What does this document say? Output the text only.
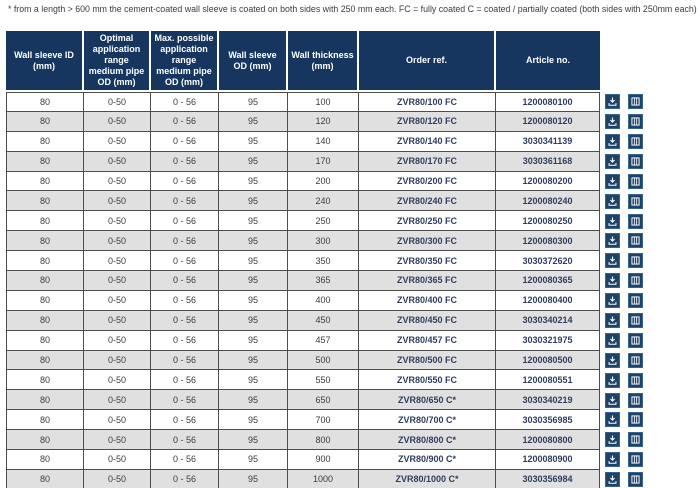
* from a length > 600 mm the cement-coated wall sleeve is coated on both sides with 250 mm each. FC = fully coated C = coated / partially coated (both sides with 250mm each)
Wall sleeve ID (mm)	Optimal application range medium pipe OD (mm)	Max. possible application range medium pipe OD (mm)	Wall sleeve OD (mm)	Wall thickness (mm)	Order ref.	Article no.	
80	0-50	0 - 56	95	100	ZVR80/100 FC	1200080100	

80	0-50	0 - 56	95	120	ZVR80/120 FC	1200080120	

80	0-50	0 - 56	95	140	ZVR80/140 FC	3030341139	

80	0-50	0 - 56	95	170	ZVR80/170 FC	3030361168	

80	0-50	0 - 56	95	200	ZVR80/200 FC	1200080200	

80	0-50	0 - 56	95	240	ZVR80/240 FC	1200080240	

80	0-50	0 - 56	95	250	ZVR80/250 FC	1200080250	

80	0-50	0 - 56	95	300	ZVR80/300 FC	1200080300	

80	0-50	0 - 56	95	350	ZVR80/350 FC	3030372620	

80	0-50	0 - 56	95	365	ZVR80/365 FC	1200080365	

80	0-50	0 - 56	95	400	ZVR80/400 FC	1200080400	

80	0-50	0 - 56	95	450	ZVR80/450 FC	3030340214	

80	0-50	0 - 56	95	457	ZVR80/457 FC	3030321975	

80	0-50	0 - 56	95	500	ZVR80/500 FC	1200080500	

80	0-50	0 - 56	95	550	ZVR80/550 FC	1200080551	

80	0-50	0 - 56	95	650	ZVR80/650 C*	3030340219	

80	0-50	0 - 56	95	700	ZVR80/700 C*	3030356985	

80	0-50	0 - 56	95	800	ZVR80/800 C*	1200080800	

80	0-50	0 - 56	95	900	ZVR80/900 C*	1200080900	

80	0-50	0 - 56	95	1000	ZVR80/1000 C*	3030356984	
